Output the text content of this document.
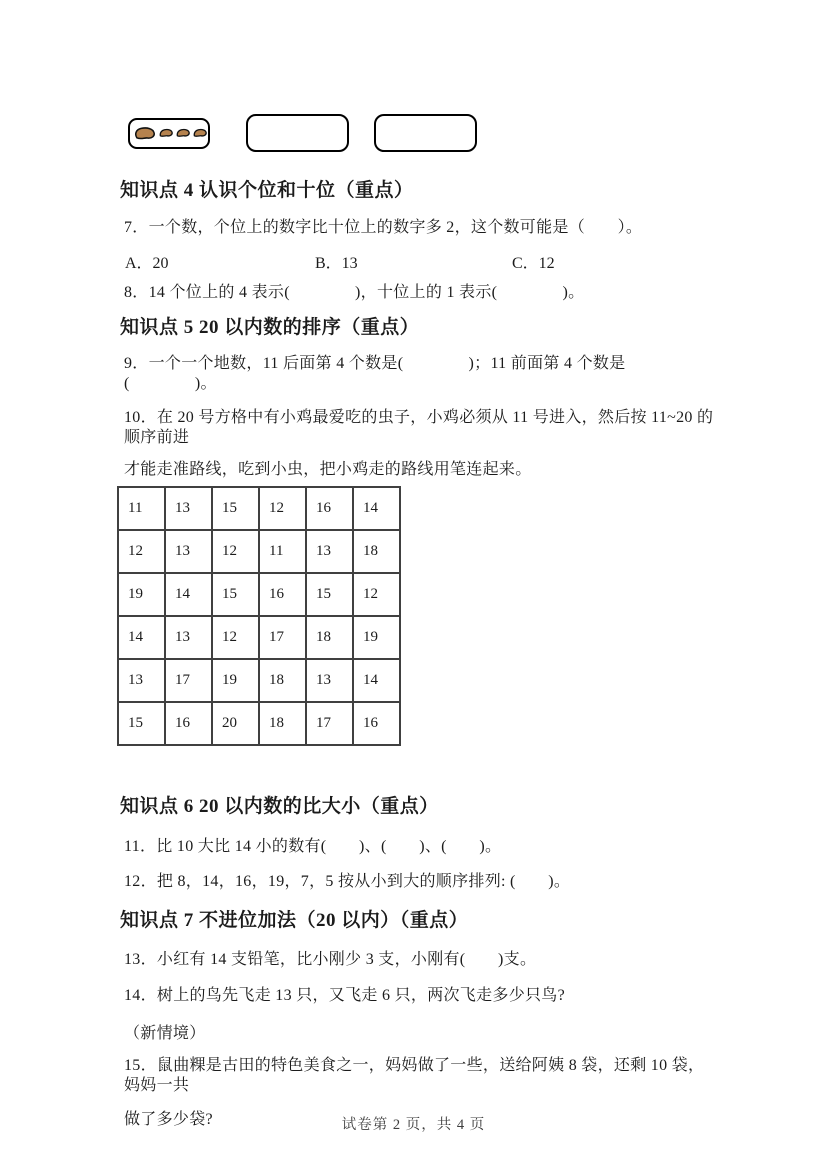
知识点 4 认识个位和十位（重点）

7．一个数，个位上的数字比十位上的数字多 2，这个数可能是（　　）。

A．20	B．13	C．12

8．14 个位上的 4 表示(　　　　)，十位上的 1 表示(　　　　)。

知识点 5 20 以内数的排序（重点）

9．一个一个地数，11 后面第 4 个数是(　　　　)；11 前面第 4 个数是(　　　　)。

10．在 20 号方格中有小鸡最爱吃的虫子，小鸡必须从 11 号进入，然后按 11~20 的顺序前进

才能走准路线，吃到小虫，把小鸡走的路线用笔连起来。

11	13	15	12	16	14
12	13	12	11	13	18
19	14	15	16	15	12
14	13	12	17	18	19
13	17	19	18	13	14
15	16	20	18	17	16

知识点 6 20 以内数的比大小（重点）

11．比 10 大比 14 小的数有(　　)、(　　)、(　　)。

12．把 8，14，16，19，7，5 按从小到大的顺序排列: (　　)。

知识点 7 不进位加法（20 以内）（重点）

13．小红有 14 支铅笔，比小刚少 3 支，小刚有(　　)支。

14．树上的鸟先飞走 13 只，又飞走 6 只，两次飞走多少只鸟?

（新情境）

15．鼠曲粿是古田的特色美食之一，妈妈做了一些，送给阿姨 8 袋，还剩 10 袋，妈妈一共

做了多少袋?	试卷第 2 页，共 4 页
